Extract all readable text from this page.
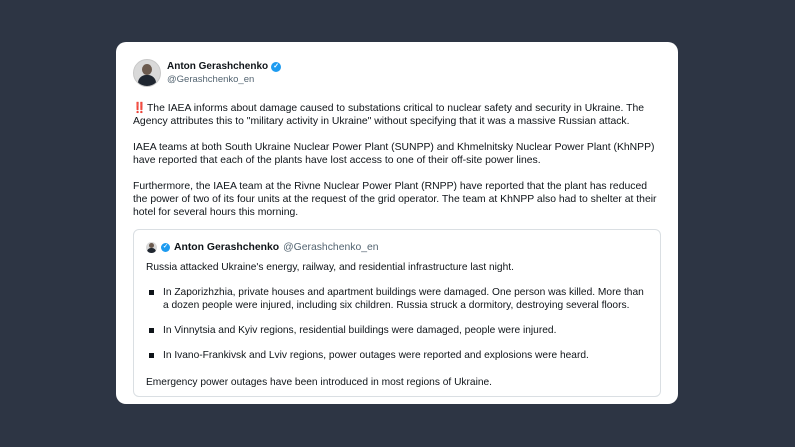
Anton Gerashchenko ✓
@Gerashchenko_en

‼️ The IAEA informs about damage caused to substations critical to nuclear safety and security in Ukraine. The Agency attributes this to "military activity in Ukraine" without specifying that it was a massive Russian attack.

IAEA teams at both South Ukraine Nuclear Power Plant (SUNPP) and Khmelnitsky Nuclear Power Plant (KhNPP) have reported that each of the plants have lost access to one of their off-site power lines.

Furthermore, the IAEA team at the Rivne Nuclear Power Plant (RNPP) have reported that the plant has reduced the power of two of its four units at the request of the grid operator. The team at KhNPP also had to shelter at their hotel for several hours this morning.

✓ Anton Gerashchenko @Gerashchenko_en

Russia attacked Ukraine's energy, railway, and residential infrastructure last night.

In Zaporizhzhia, private houses and apartment buildings were damaged. One person was killed. More than a dozen people were injured, including six children. Russia struck a dormitory, destroying several floors.
In Vinnytsia and Kyiv regions, residential buildings were damaged, people were injured.
In Ivano-Frankivsk and Lviv regions, power outages were reported and explosions were heard.

Emergency power outages have been introduced in most regions of Ukraine.
